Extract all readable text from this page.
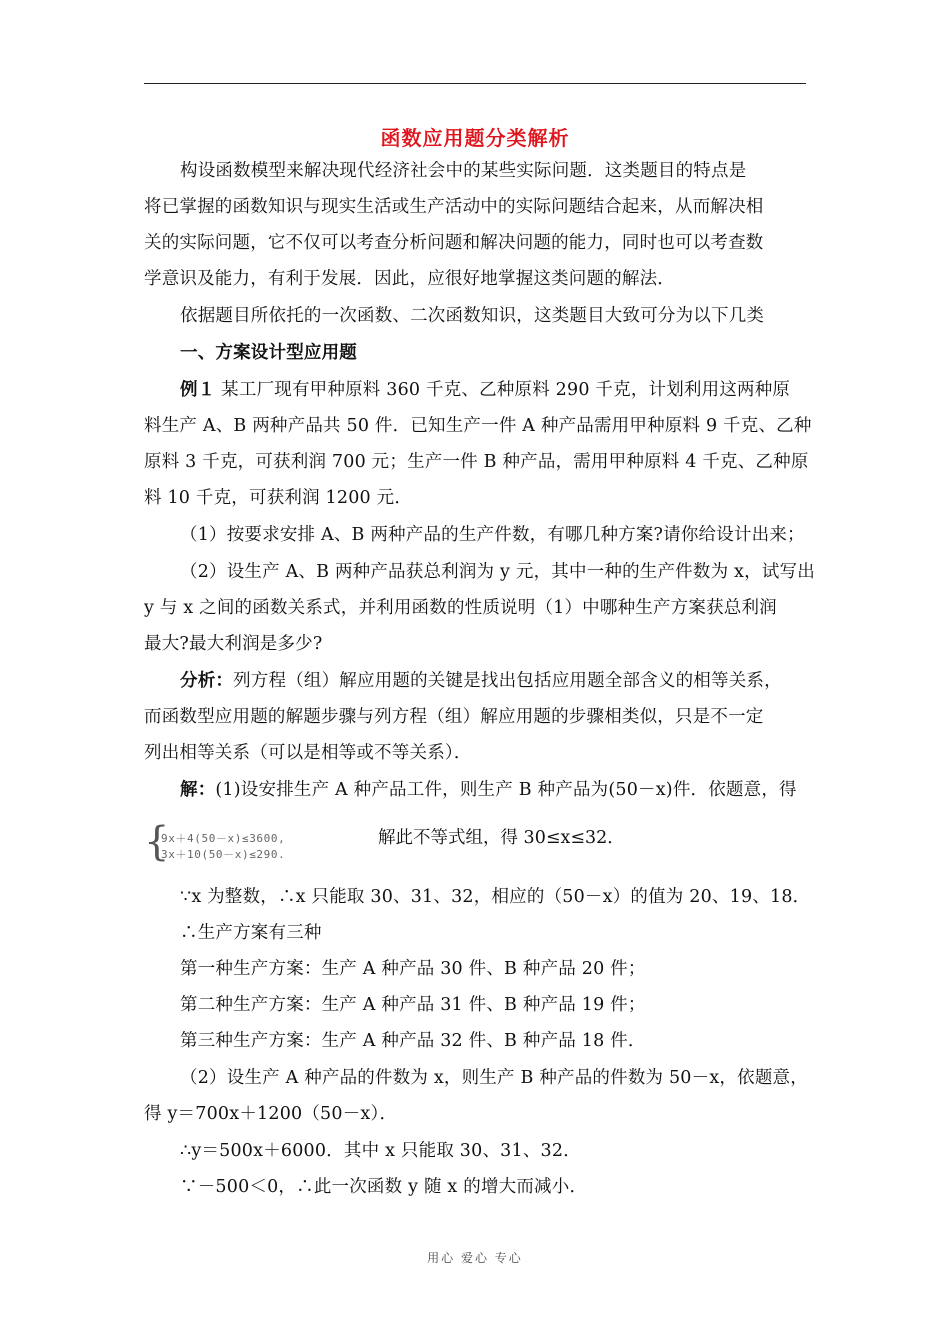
函数应用题分类解析
构设函数模型来解决现代经济社会中的某些实际问题．这类题目的特点是
将已掌握的函数知识与现实生活或生产活动中的实际问题结合起来，从而解决相
关的实际问题，它不仅可以考查分析问题和解决问题的能力，同时也可以考查数
学意识及能力，有利于发展．因此，应很好地掌握这类问题的解法．
依据题目所依托的一次函数、二次函数知识，这类题目大致可分为以下几类
一、方案设计型应用题
例１ 某工厂现有甲种原料 360 千克、乙种原料 290 千克，计划利用这两种原
料生产 A、B 两种产品共 50 件．已知生产一件 A 种产品需用甲种原料 9 千克、乙种
原料 3 千克，可获利润 700 元；生产一件 B 种产品，需用甲种原料 4 千克、乙种原
料 10 千克，可获利润 1200 元．
（1）按要求安排 A、B 两种产品的生产件数，有哪几种方案?请你给设计出来；
（2）设生产 A、B 两种产品获总利润为 y 元，其中一种的生产件数为 x，试写出
y 与 x 之间的函数关系式，并利用函数的性质说明（1）中哪种生产方案获总利润
最大?最大利润是多少?
分析：列方程（组）解应用题的关键是找出包括应用题全部含义的相等关系，
而函数型应用题的解题步骤与列方程（组）解应用题的步骤相类似，只是不一定
列出相等关系（可以是相等或不等关系）．
解：(1)设安排生产 A 种产品工件，则生产 B 种产品为(50－x)件．依题意，得
{
9x＋4(50－x)≤3600,
3x＋10(50－x)≤290.
解此不等式组，得 30≤x≤32．
∵x 为整数，∴x 只能取 30、31、32，相应的（50－x）的值为 20、19、18．
∴生产方案有三种
第一种生产方案：生产 A 种产品 30 件、B 种产品 20 件；
第二种生产方案：生产 A 种产品 31 件、B 种产品 19 件；
第三种生产方案：生产 A 种产品 32 件、B 种产品 18 件．
（2）设生产 A 种产品的件数为 x，则生产 B 种产品的件数为 50－x，依题意，
得 y＝700x＋1200（50－x）．
∴y＝500x＋6000．其中 x 只能取 30、31、32．
∵－500＜0，∴此一次函数 y 随 x 的增大而减小．
用心 爱心 专心
